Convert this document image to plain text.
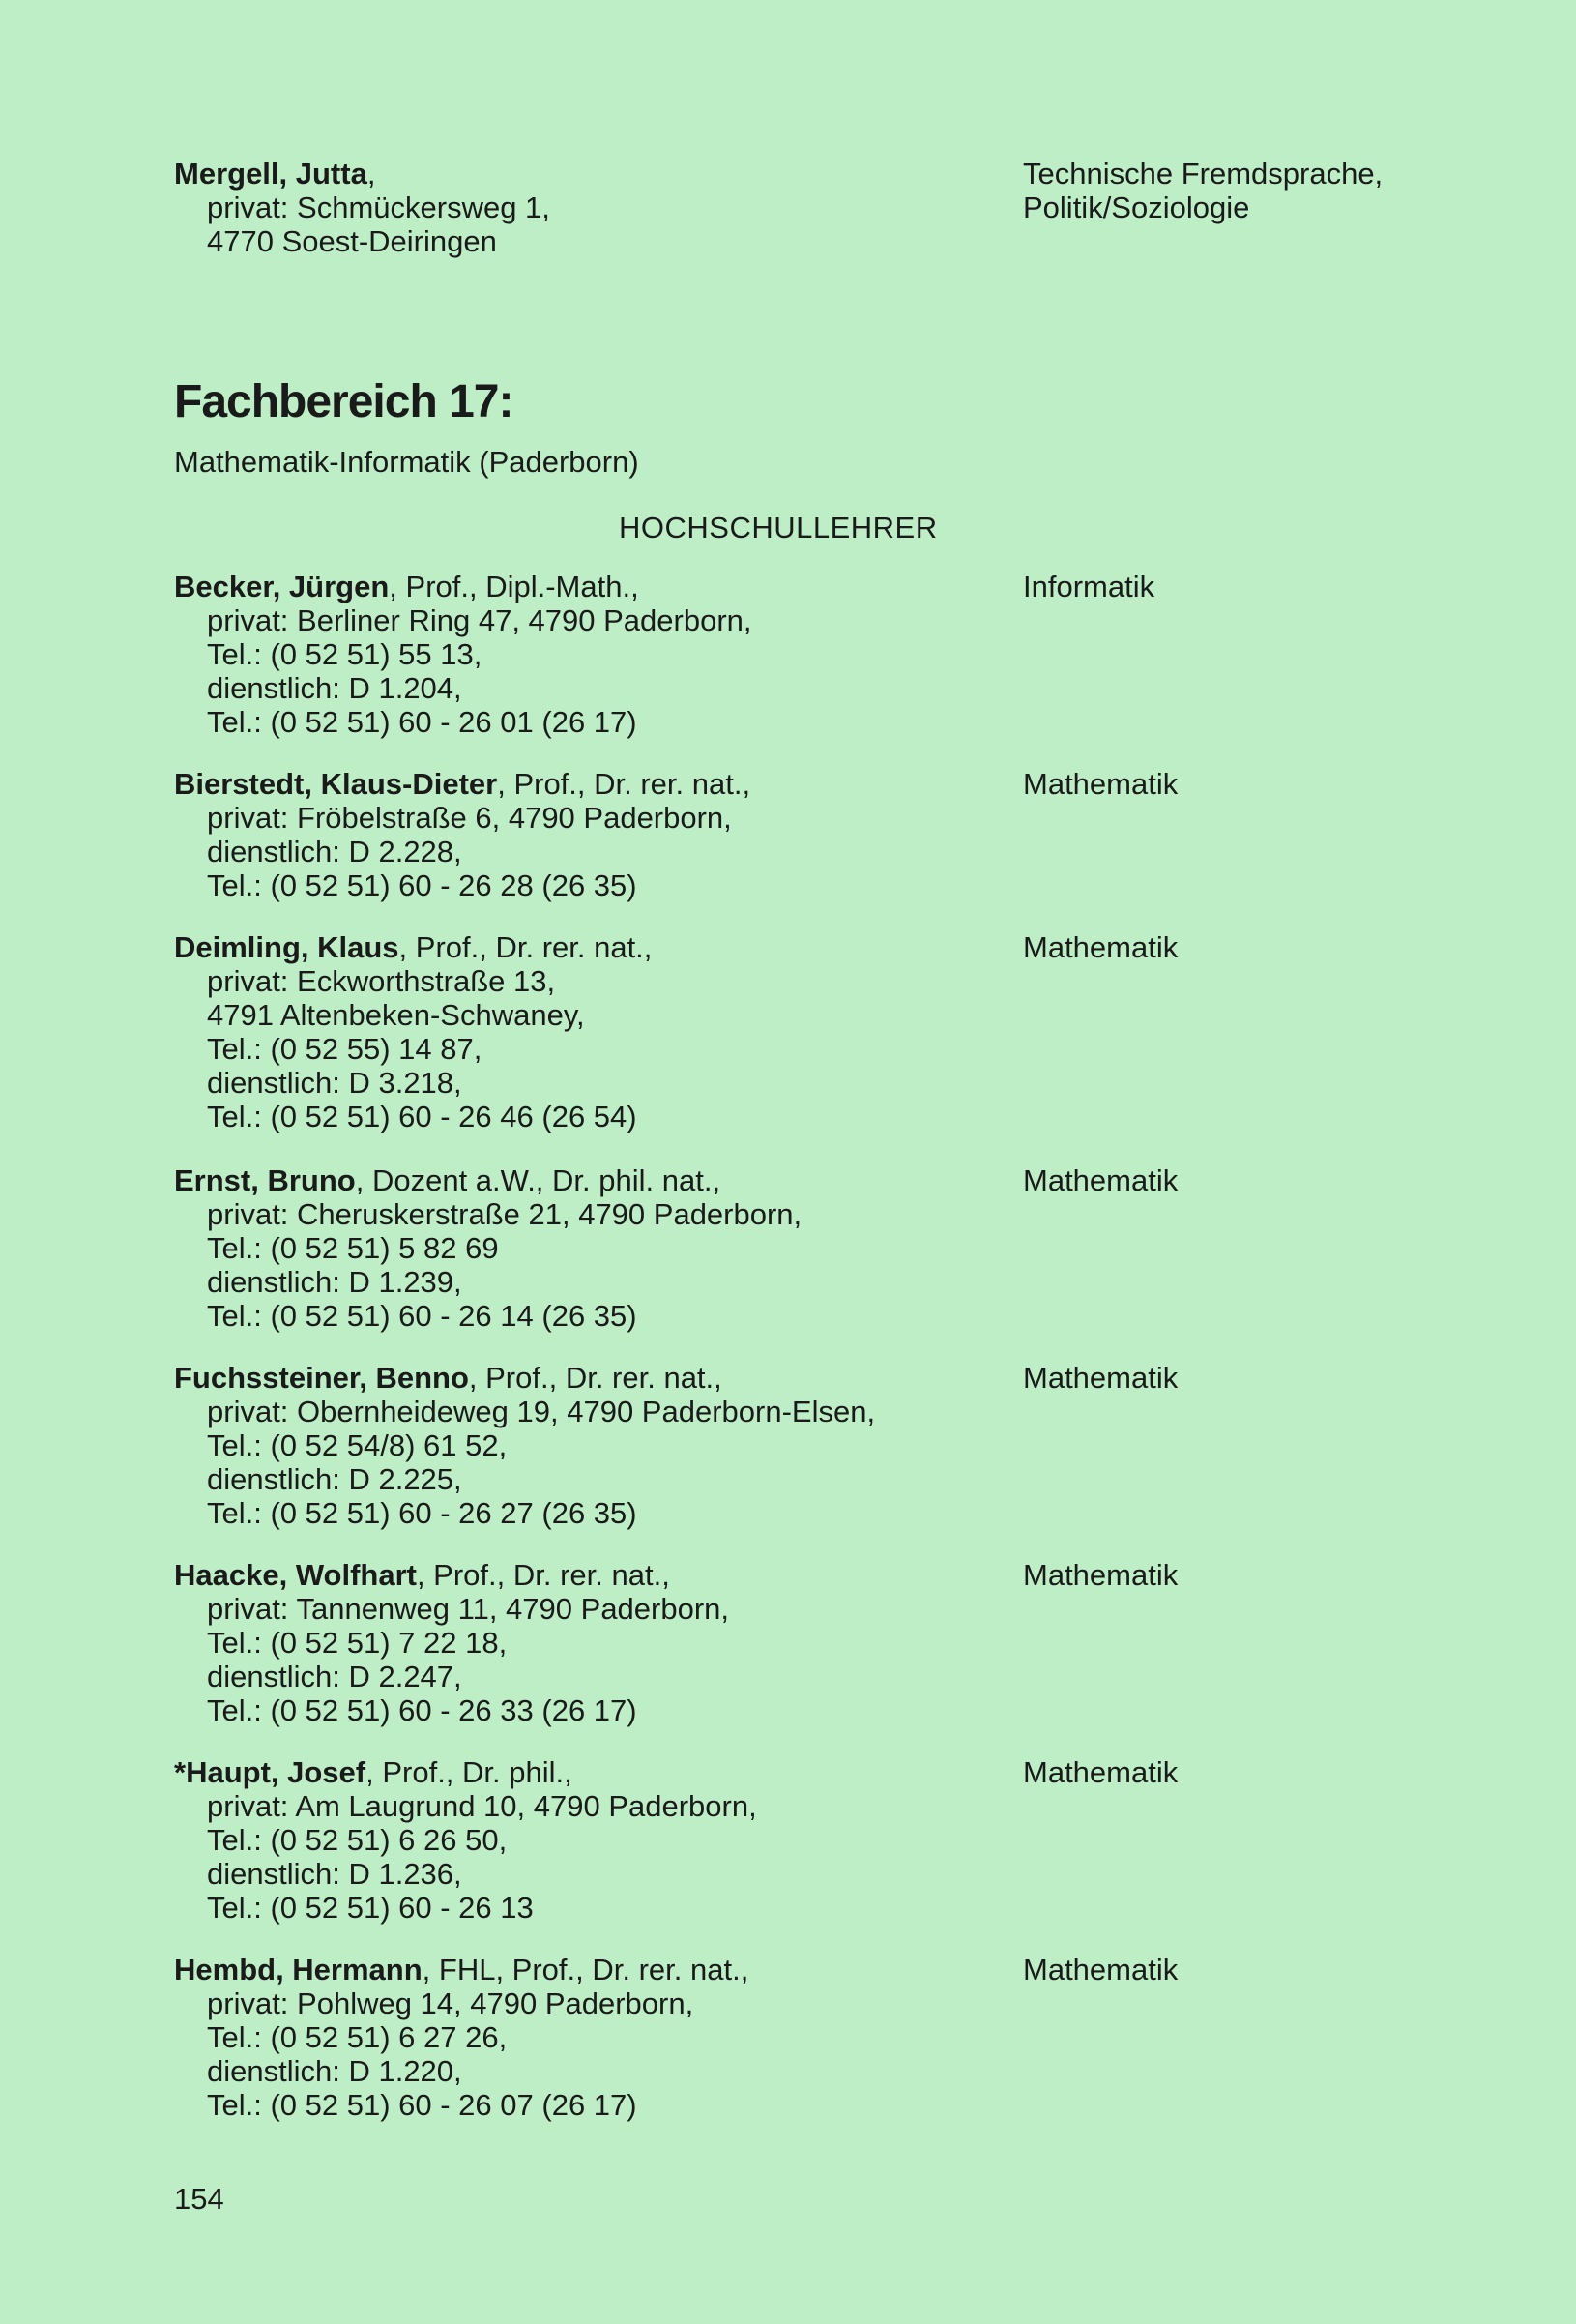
Mergell, Jutta,
privat: Schmückersweg 1,
4770 Soest-Deiringen
Technische Fremdsprache,
Politik/Soziologie
Fachbereich 17:
Mathematik-Informatik (Paderborn)
HOCHSCHULLEHRER
Becker, Jürgen, Prof., Dipl.-Math.,
privat: Berliner Ring 47, 4790 Paderborn,
Tel.: (0 52 51) 55 13,
dienstlich: D 1.204,
Tel.: (0 52 51) 60 - 26 01 (26 17)
Informatik
Bierstedt, Klaus-Dieter, Prof., Dr. rer. nat.,
privat: Fröbelstraße 6, 4790 Paderborn,
dienstlich: D 2.228,
Tel.: (0 52 51) 60 - 26 28 (26 35)
Mathematik
Deimling, Klaus, Prof., Dr. rer. nat.,
privat: Eckworthstraße 13,
4791 Altenbeken-Schwaney,
Tel.: (0 52 55) 14 87,
dienstlich: D 3.218,
Tel.: (0 52 51) 60 - 26 46 (26 54)
Mathematik
Ernst, Bruno, Dozent a.W., Dr. phil. nat.,
privat: Cheruskerstraße 21, 4790 Paderborn,
Tel.: (0 52 51) 5 82 69
dienstlich: D 1.239,
Tel.: (0 52 51) 60 - 26 14 (26 35)
Mathematik
Fuchssteiner, Benno, Prof., Dr. rer. nat.,
privat: Obernheideweg 19, 4790 Paderborn-Elsen,
Tel.: (0 52 54/8) 61 52,
dienstlich: D 2.225,
Tel.: (0 52 51) 60 - 26 27 (26 35)
Mathematik
Haacke, Wolfhart, Prof., Dr. rer. nat.,
privat: Tannenweg 11, 4790 Paderborn,
Tel.: (0 52 51) 7 22 18,
dienstlich: D 2.247,
Tel.: (0 52 51) 60 - 26 33 (26 17)
Mathematik
*Haupt, Josef, Prof., Dr. phil.,
privat: Am Laugrund 10, 4790 Paderborn,
Tel.: (0 52 51) 6 26 50,
dienstlich: D 1.236,
Tel.: (0 52 51) 60 - 26 13
Mathematik
Hembd, Hermann, FHL, Prof., Dr. rer. nat.,
privat: Pohlweg 14, 4790 Paderborn,
Tel.: (0 52 51) 6 27 26,
dienstlich: D 1.220,
Tel.: (0 52 51) 60 - 26 07 (26 17)
Mathematik
154
